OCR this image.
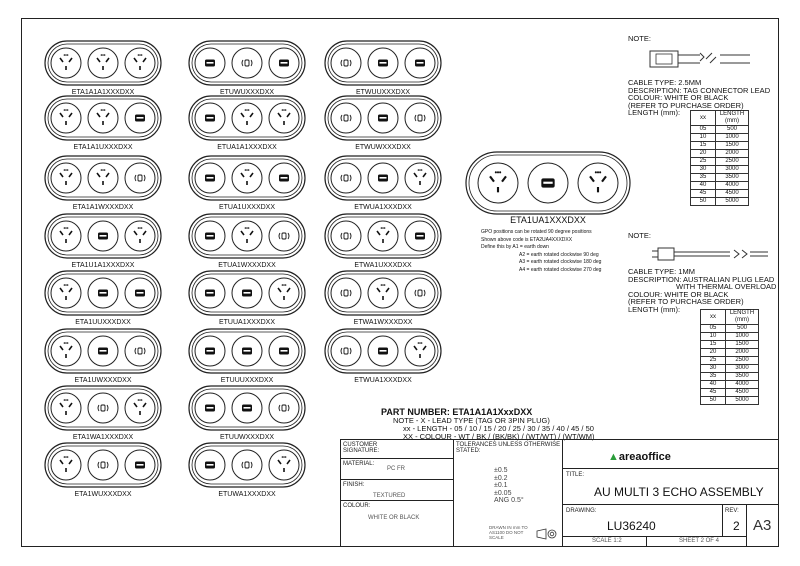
ETA1A1A1XXXDXX
ETA1A1UXXXDXX
ETA1A1WXXXDXX
ETA1U1A1XXXDXX
ETA1UUXXXDXX
ETA1UWXXXDXX
ETA1WA1XXXDXX
ETA1WUXXXDXX
ETUWUXXXDXX
ETUA1A1XXXDXX
ETUA1UXXXDXX
ETUA1WXXXDXX
ETUUA1XXXDXX
ETUUUXXXDXX
ETUUWXXXDXX
ETUWA1XXXDXX
ETWUUXXXDXX
ETWUWXXXDXX
ETWUA1XXXDXX
ETWA1UXXXDXX
ETWA1WXXXDXX
ETWUA1XXXDXX
ETA1UA1XXXDXX
GPO positions can be rotated 90 degree positions
Shown above code is ETA2UA4XXXDXX
Define this by A1 = earth down
A2 = earth rotated clockwise 90 deg
A3 = earth rotated clockwise 180 deg
A4 = earth rotated clockwise 270 deg
NOTE:
CABLE TYPE: 2.5MM
DESCRIPTION: TAG CONNECTOR LEAD
COLOUR: WHITE OR BLACK
(REFER TO PURCHASE ORDER)
LENGTH (mm):
xx	LENGTH (mm)
05	500
10	1000
15	1500
20	2000
25	2500
30	3000
35	3500
40	4000
45	4500
50	5000
NOTE:
CABLE TYPE: 1MM
DESCRIPTION: AUSTRALIAN PLUG LEAD
WITH THERMAL OVERLOAD
COLOUR: WHITE OR BLACK
(REFER TO PURCHASE ORDER)
LENGTH (mm):
xx	LENGTH (mm)
05	500
10	1000
15	1500
20	2000
25	2500
30	3000
35	3500
40	4000
45	4500
50	5000
PART NUMBER: ETA1A1A1XxxDXX
NOTE - X - LEAD TYPE (TAG OR 3PIN PLUG)
xx - LENGTH - 05 / 10 / 15 / 20 / 25 / 30 / 35 / 40 / 45 / 50
XX - COLOUR - WT / BK / (BK/BK) / (WT/WT) / (WT/WM)
CUSTOMER SIGNATURE:
MATERIAL:
PC FR
FINISH:
TEXTURED
COLOUR:
WHITE OR BLACK
TOLERANCES UNLESS OTHERWISE STATED:
±0.5
±0.2
±0.1
±0.05
ANG 0.5°
DRAWN IN mm TO AS1100 DO NOT SCALE
▲areaoffice
TITLE:
AU MULTI 3 ECHO ASSEMBLY
DRAWING:
LU36240
REV:
2 A3
SCALE 1:2	SHEET 2 OF 4
